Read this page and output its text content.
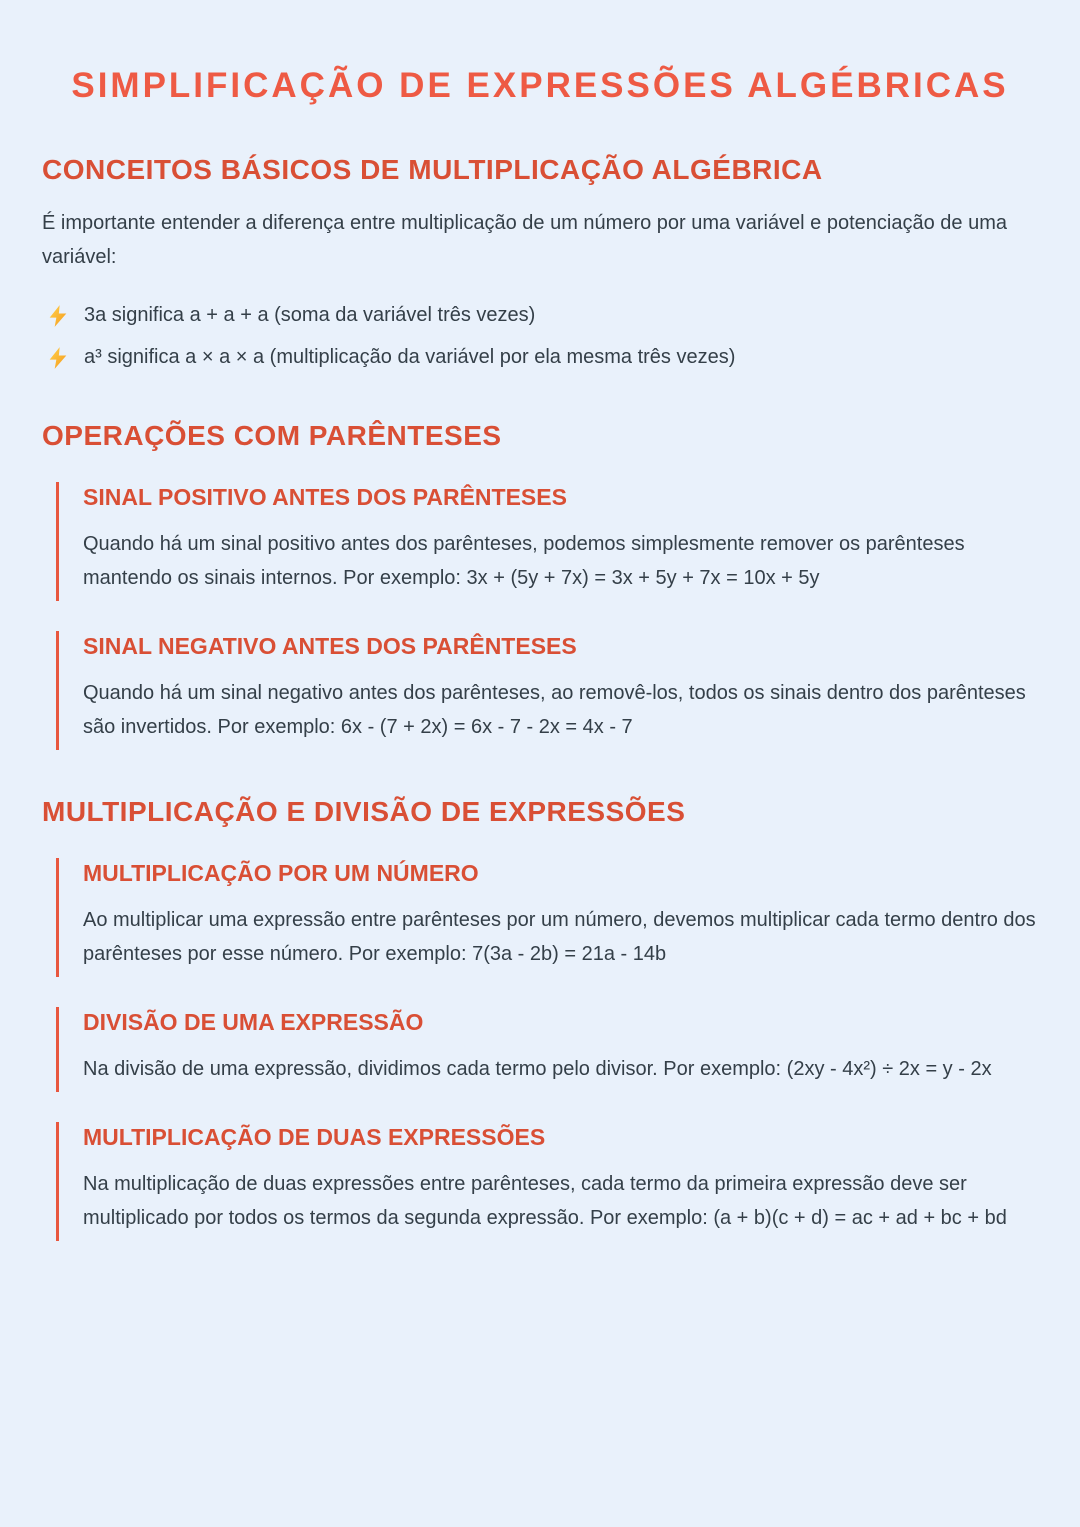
SIMPLIFICAÇÃO DE EXPRESSÕES ALGÉBRICAS
CONCEITOS BÁSICOS DE MULTIPLICAÇÃO ALGÉBRICA

É importante entender a diferença entre multiplicação de um número por uma variável e potenciação de uma variável:

3a significa a + a + a (soma da variável três vezes)
a³ significa a × a × a (multiplicação da variável por ela mesma três vezes)
OPERAÇÕES COM PARÊNTESES
SINAL POSITIVO ANTES DOS PARÊNTESES

Quando há um sinal positivo antes dos parênteses, podemos simplesmente remover os parênteses mantendo os sinais internos. Por exemplo: 3x + (5y + 7x) = 3x + 5y + 7x = 10x + 5y

SINAL NEGATIVO ANTES DOS PARÊNTESES

Quando há um sinal negativo antes dos parênteses, ao removê-los, todos os sinais dentro dos parênteses são invertidos. Por exemplo: 6x - (7 + 2x) = 6x - 7 - 2x = 4x - 7

MULTIPLICAÇÃO E DIVISÃO DE EXPRESSÕES
MULTIPLICAÇÃO POR UM NÚMERO

Ao multiplicar uma expressão entre parênteses por um número, devemos multiplicar cada termo dentro dos parênteses por esse número. Por exemplo: 7(3a - 2b) = 21a - 14b

DIVISÃO DE UMA EXPRESSÃO

Na divisão de uma expressão, dividimos cada termo pelo divisor. Por exemplo: (2xy - 4x²) ÷ 2x = y - 2x

MULTIPLICAÇÃO DE DUAS EXPRESSÕES

Na multiplicação de duas expressões entre parênteses, cada termo da primeira expressão deve ser multiplicado por todos os termos da segunda expressão. Por exemplo: (a + b)(c + d) = ac + ad + bc + bd
